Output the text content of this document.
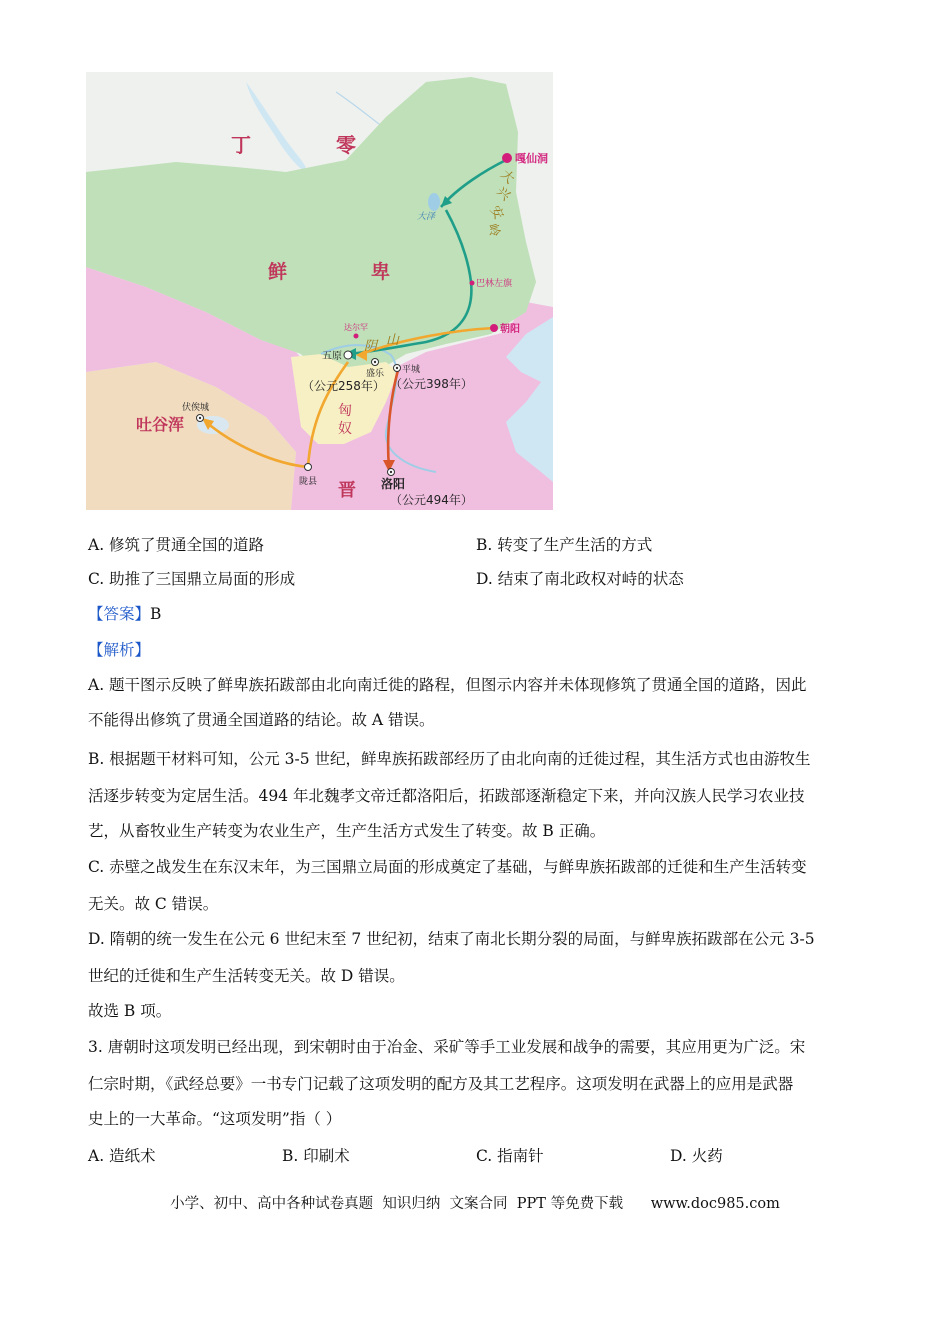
丁	零
鲜	卑
匈
奴
吐谷浑
晋
大
兴
安
岭
阴 山
嘎仙洞
大泽
巴林左旗
朝阳
达尔罕
五原
盛乐 平城
（公元258年） （公元398年）
伏俟城
陇县	洛阳
（公元494年）
A. 修筑了贯通全国的道路	B. 转变了生产生活的方式
C. 助推了三国鼎立局面的形成	D. 结束了南北政权对峙的状态
【答案】B
【解析】
A. 题干图示反映了鲜卑族拓跋部由北向南迁徙的路程，但图示内容并未体现修筑了贯通全国的道路，因此
不能得出修筑了贯通全国道路的结论。故 A 错误。
B. 根据题干材料可知，公元 3-5 世纪，鲜卑族拓跋部经历了由北向南的迁徙过程，其生活方式也由游牧生
活逐步转变为定居生活。494 年北魏孝文帝迁都洛阳后，拓跋部逐渐稳定下来，并向汉族人民学习农业技
艺，从畜牧业生产转变为农业生产，生产生活方式发生了转变。故 B 正确。
C. 赤壁之战发生在东汉末年，为三国鼎立局面的形成奠定了基础，与鲜卑族拓跋部的迁徙和生产生活转变
无关。故 C 错误。
D. 隋朝的统一发生在公元 6 世纪末至 7 世纪初，结束了南北长期分裂的局面，与鲜卑族拓跋部在公元 3-5
世纪的迁徙和生产生活转变无关。故 D 错误。
故选 B 项。
3. 唐朝时这项发明已经出现，到宋朝时由于冶金、采矿等手工业发展和战争的需要，其应用更为广泛。宋
仁宗时期，《武经总要》一书专门记载了这项发明的配方及其工艺程序。这项发明在武器上的应用是武器
史上的一大革命。“这项发明”指（ ）
A. 造纸术	B. 印刷术	C. 指南针	D. 火药
小学、初中、高中各种试卷真题  知识归纳  文案合同  PPT 等免费下载      www.doc985.com
